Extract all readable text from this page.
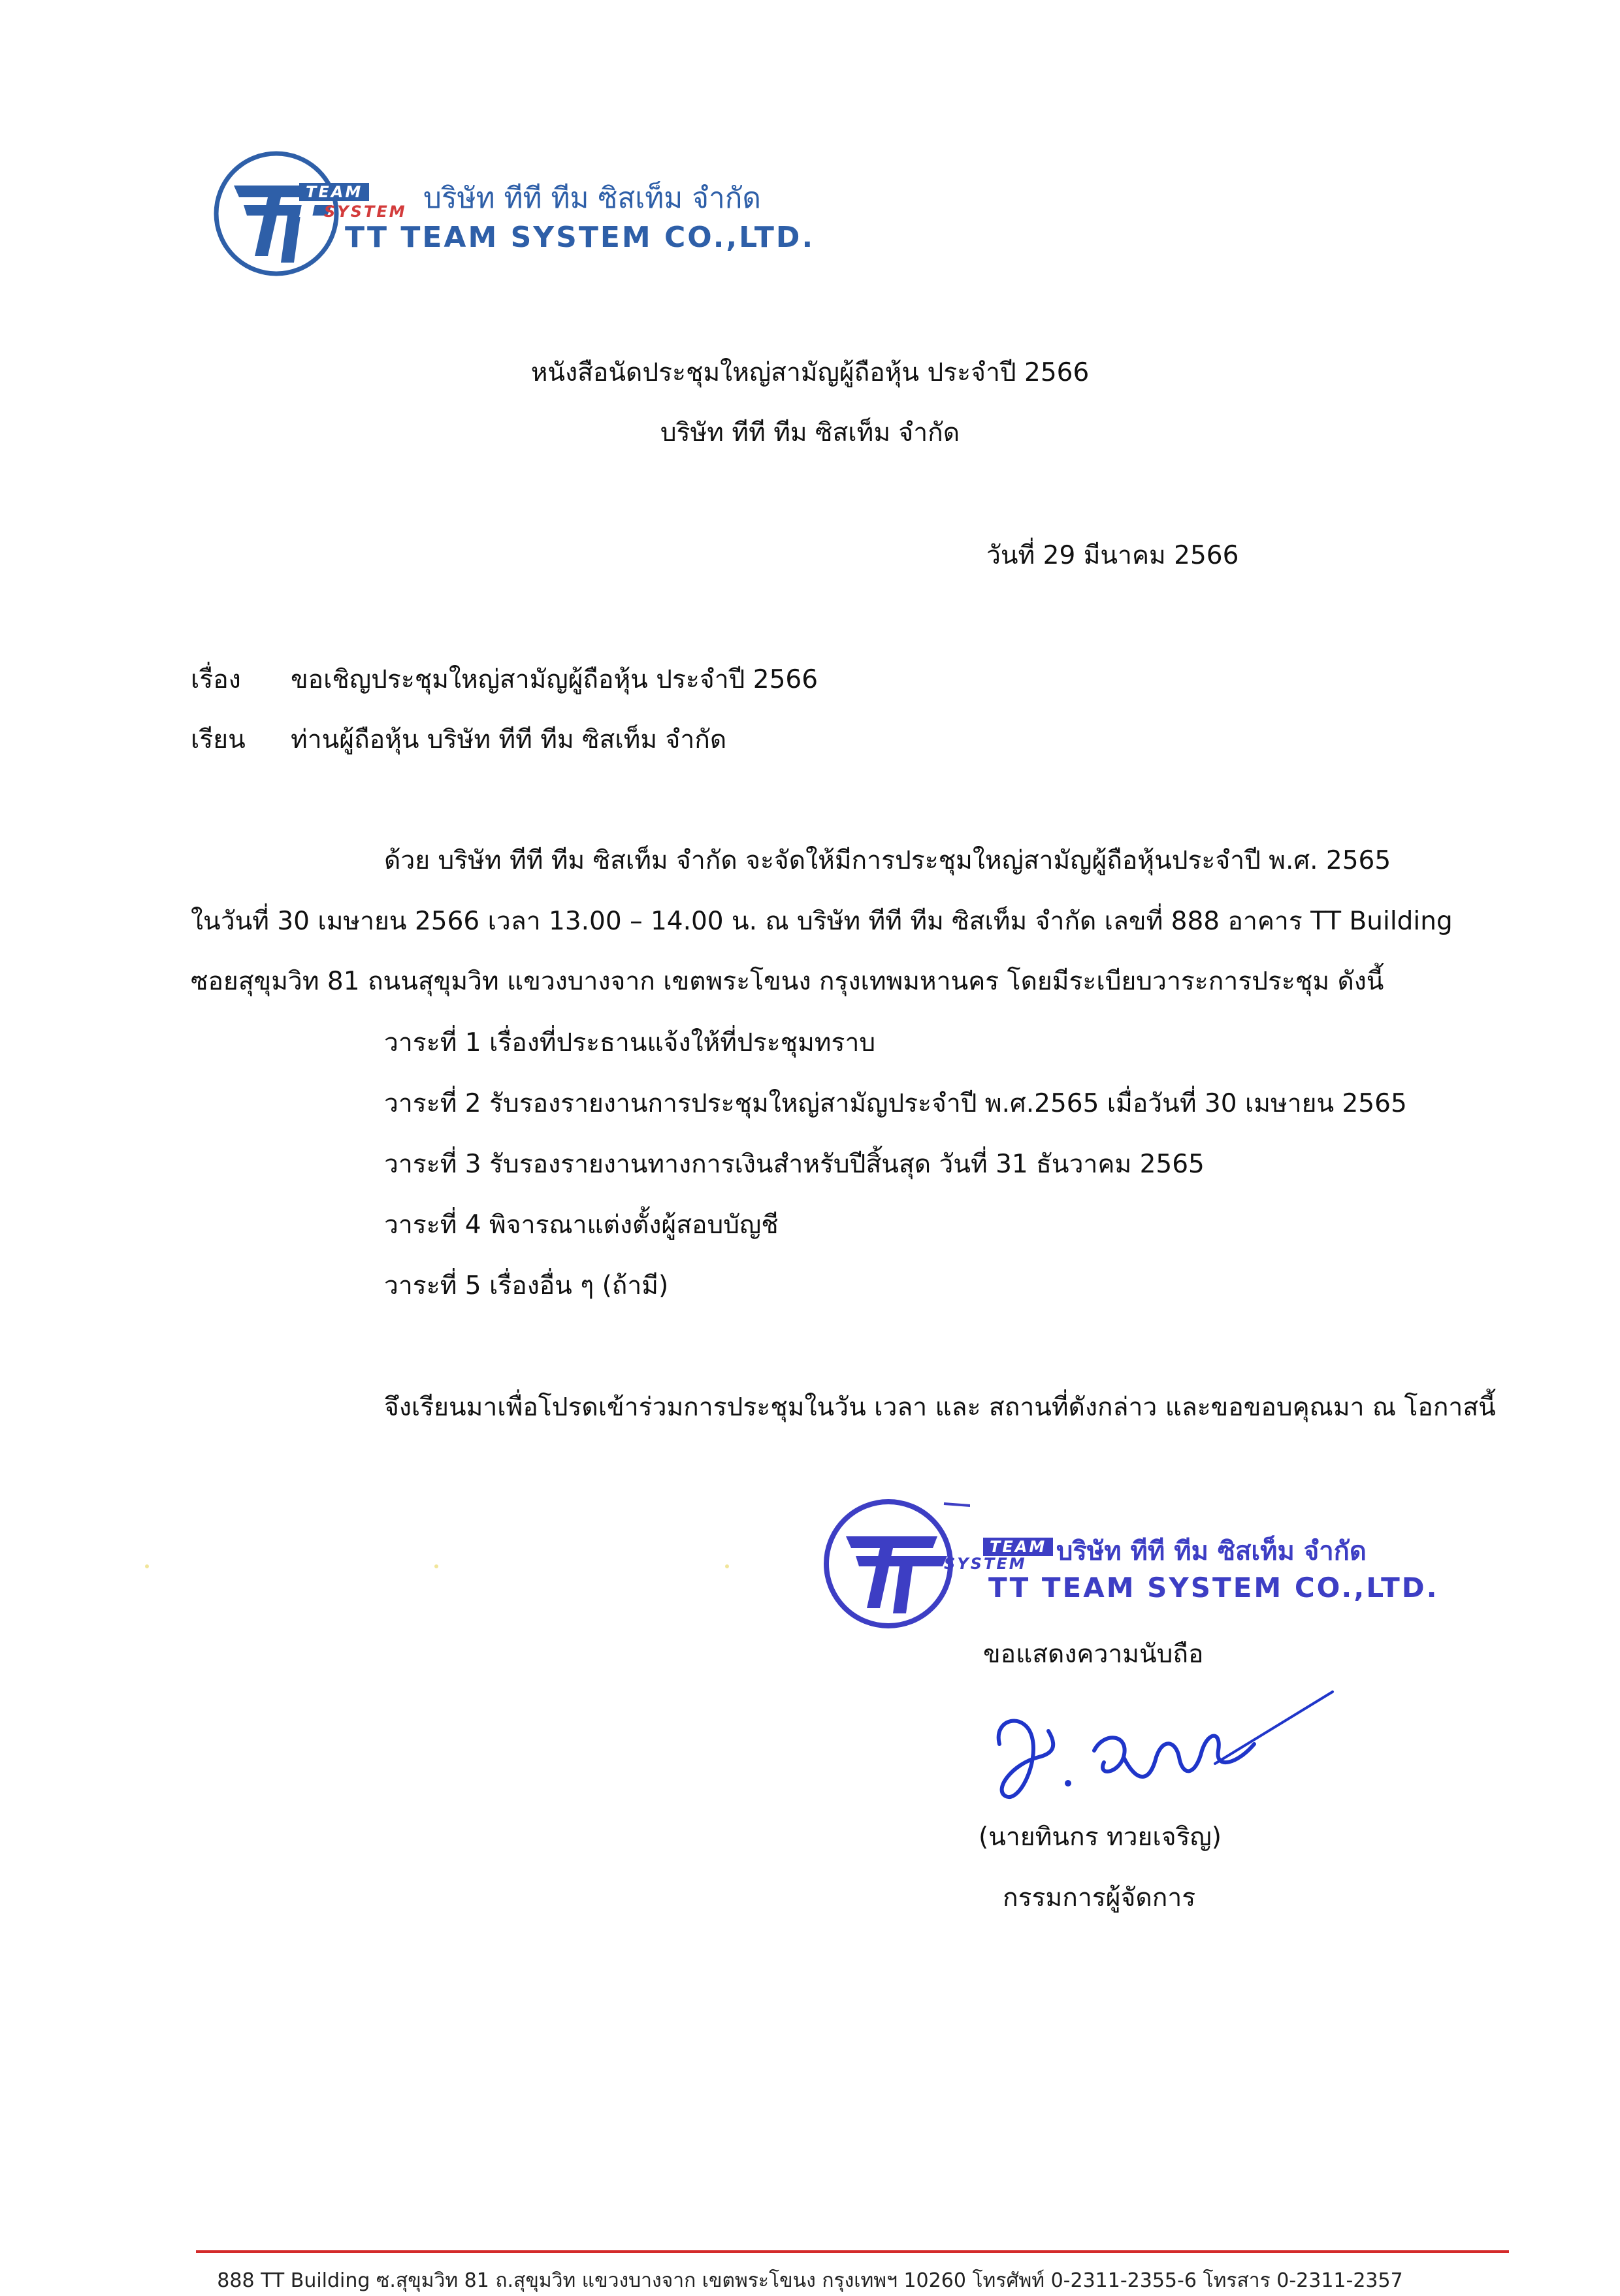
TEAM
SYSTEM บริษัท ทีที ทีม ซิสเท็ม จำกัด
TT TEAM SYSTEM CO.,LTD.
หนังสือนัดประชุมใหญ่สามัญผู้ถือหุ้น ประจำปี 2566
บริษัท ทีที ทีม ซิสเท็ม จำกัด
วันที่ 29 มีนาคม 2566
เรื่อง ขอเชิญประชุมใหญ่สามัญผู้ถือหุ้น ประจำปี 2566
เรียน ท่านผู้ถือหุ้น บริษัท ทีที ทีม ซิสเท็ม จำกัด
ด้วย บริษัท ทีที ทีม ซิสเท็ม จำกัด จะจัดให้มีการประชุมใหญ่สามัญผู้ถือหุ้นประจำปี พ.ศ. 2565
ในวันที่ 30 เมษายน 2566 เวลา 13.00 – 14.00 น. ณ บริษัท ทีที ทีม ซิสเท็ม จำกัด เลขที่ 888 อาคาร TT Building
ซอยสุขุมวิท 81 ถนนสุขุมวิท แขวงบางจาก เขตพระโขนง กรุงเทพมหานคร โดยมีระเบียบวาระการประชุม ดังนี้
วาระที่ 1 เรื่องที่ประธานแจ้งให้ที่ประชุมทราบ
วาระที่ 2 รับรองรายงานการประชุมใหญ่สามัญประจำปี พ.ศ.2565 เมื่อวันที่ 30 เมษายน 2565
วาระที่ 3 รับรองรายงานทางการเงินสำหรับปีสิ้นสุด วันที่ 31 ธันวาคม 2565
วาระที่ 4 พิจารณาแต่งตั้งผู้สอบบัญชี
วาระที่ 5 เรื่องอื่น ๆ (ถ้ามี)
จึงเรียนมาเพื่อโปรดเข้าร่วมการประชุมในวัน เวลา และ สถานที่ดังกล่าว และขอขอบคุณมา ณ โอกาสนี้
TEAM
SYSTEM บริษัท ทีที ทีม ซิสเท็ม จำกัด
TT TEAM SYSTEM CO.,LTD.
ขอแสดงความนับถือ
(นายทินกร ทวยเจริญ)
กรรมการผู้จัดการ
888 TT Building ซ.สุขุมวิท 81 ถ.สุขุมวิท แขวงบางจาก เขตพระโขนง กรุงเทพฯ 10260 โทรศัพท์ 0-2311-2355-6 โทรสาร 0-2311-2357
